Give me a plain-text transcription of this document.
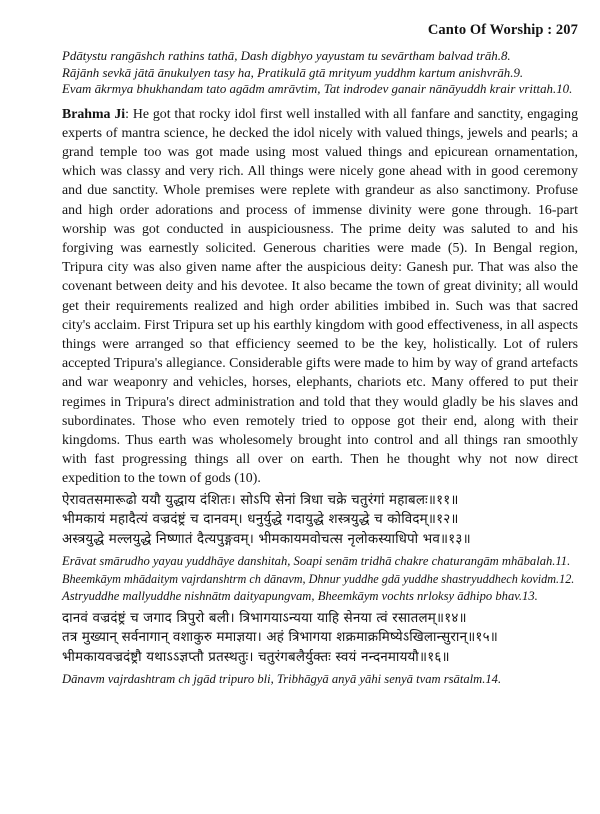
Canto Of Worship : 207

Pdātystu rangāshch rathins tathā, Dash digbhyo yayustam tu sevārtham balvad trāh.8.

Rājānh sevkā jātā ānukulyen tasy ha, Pratikulā gtā mrityum yuddhm kartum anishvrāh.9.

Evam ākrmya bhukhandam tato agādm amrāvtim, Tat indrodev ganair nānāyuddh krair vrittah.10.

Brahma Ji: He got that rocky idol first well installed with all fanfare and sanctity, engaging experts of mantra science, he decked the idol nicely with valued things, jewels and pearls; a grand temple too was got made using most valued things and epicurean ornamentation, which was classy and very rich. All things were nicely gone ahead with in good ceremony and due sanctity. Whole premises were replete with grandeur as also sanctimony. Profuse and high order adorations and process of immense divinity were gone through. 16-part worship was got conducted in auspiciousness. The prime deity was saluted to and his forgiving was earnestly solicited. Generous charities were made (5). In Bengal region, Tripura city was also given name after the auspicious deity: Ganesh pur. That was also the covenant between deity and his devotee. It also became the town of great divinity; all would get their requirements realized and high order abilities imbibed in. Such was that sacred city's acclaim. First Tripura set up his earthly kingdom with good effectiveness, in all aspects things were arranged so that efficiency seemed to be the key, holistically. Lot of rulers accepted Tripura's allegiance. Considerable gifts were made to him by way of grand artefacts and war weaponry and vehicles, horses, elephants, chariots etc. Many offered to put their regimes in Tripura's direct administration and told that they would gladly be his slaves and subordinates. Those who even remotely tried to oppose got their end, along with their kingdoms. Thus earth was wholesomely brought into control and all things ran smoothly with fast progressing things all over on earth. Then he thought why not now direct expedition to the town of gods (10).

ऐरावतसमारूढो ययौ युद्धाय दंशितः। सोऽपि सेनां त्रिधा चक्रे चतुरंगां महाबलः॥११॥

भीमकायं महादैत्यं वज्रदंष्ट्रं च दानवम्। धनुर्युद्धे गदायुद्धे शस्त्रयुद्धे च कोविदम्॥१२॥

अस्त्रयुद्धे मल्लयुद्धे निष्णातं दैत्यपुङ्गवम्। भीमकायमवोचत्स नृलोकस्याधिपो भव॥१३॥

Erāvat smārudho yayau yuddhāye danshitah, Soapi senām tridhā chakre chaturangām mhābalah.11.

Bheemkāym mhādaitym vajrdanshtrm ch dānavm, Dhnur yuddhe gdā yuddhe shastryuddhech kovidm.12.

Astryuddhe mallyuddhe nishnātm daityapungvam, Bheemkāym vochts nrloksy ādhipo bhav.13.

दानवं वज्रदंष्ट्रं च जगाद त्रिपुरो बली। त्रिभागयाऽन्यया याहि सेनया त्वं रसातलम्॥१४॥

तत्र मुख्यान् सर्वनागान् वशाकुरु ममाज्ञया। अहं त्रिभागया शक्रमाक्रमिष्येऽखिलान्सुरान्॥१५॥

भीमकायवज्रदंष्ट्रौ यथाऽऽज्ञप्तौ प्रतस्थतुः। चतुरंगबलैर्युक्तः स्वयं नन्दनमाययौ॥१६॥

Dānavm vajrdashtram ch jgād tripuro bli, Tribhāgyā anyā yāhi senyā tvam rsātalm.14.
